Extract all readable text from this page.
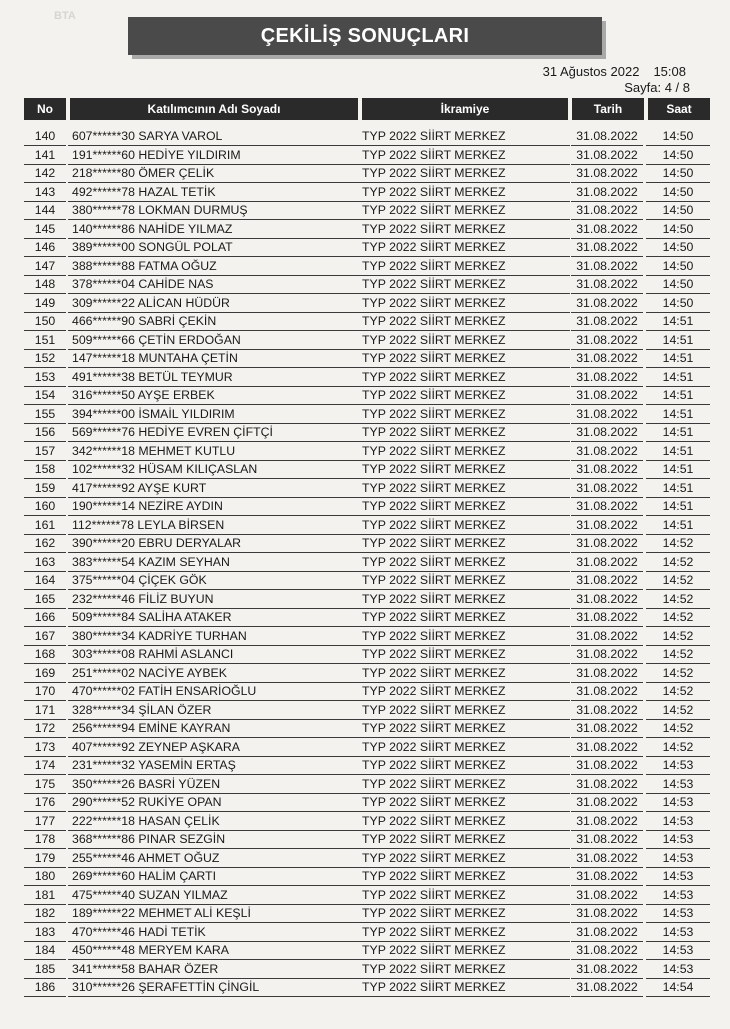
BTA
ÇEKİLİŞ SONUÇLARI
31 Ağustos 2022 15:08
Sayfa: 4 / 8
No	Katılımcının Adı Soyadı	İkramiye	Tarih	Saat
140	607******30 SARYA VAROL	TYP 2022 SİİRT MERKEZ	31.08.2022	14:50
141	191******60 HEDİYE YILDIRIM	TYP 2022 SİİRT MERKEZ	31.08.2022	14:50
142	218******80 ÖMER ÇELİK	TYP 2022 SİİRT MERKEZ	31.08.2022	14:50
143	492******78 HAZAL TETİK	TYP 2022 SİİRT MERKEZ	31.08.2022	14:50
144	380******78 LOKMAN DURMUŞ	TYP 2022 SİİRT MERKEZ	31.08.2022	14:50
145	140******86 NAHİDE YILMAZ	TYP 2022 SİİRT MERKEZ	31.08.2022	14:50
146	389******00 SONGÜL POLAT	TYP 2022 SİİRT MERKEZ	31.08.2022	14:50
147	388******88 FATMA OĞUZ	TYP 2022 SİİRT MERKEZ	31.08.2022	14:50
148	378******04 CAHİDE NAS	TYP 2022 SİİRT MERKEZ	31.08.2022	14:50
149	309******22 ALİCAN HÜDÜR	TYP 2022 SİİRT MERKEZ	31.08.2022	14:50
150	466******90 SABRİ ÇEKİN	TYP 2022 SİİRT MERKEZ	31.08.2022	14:51
151	509******66 ÇETİN ERDOĞAN	TYP 2022 SİİRT MERKEZ	31.08.2022	14:51
152	147******18 MUNTAHA ÇETİN	TYP 2022 SİİRT MERKEZ	31.08.2022	14:51
153	491******38 BETÜL TEYMUR	TYP 2022 SİİRT MERKEZ	31.08.2022	14:51
154	316******50 AYŞE ERBEK	TYP 2022 SİİRT MERKEZ	31.08.2022	14:51
155	394******00 İSMAİL YILDIRIM	TYP 2022 SİİRT MERKEZ	31.08.2022	14:51
156	569******76 HEDİYE EVREN ÇİFTÇİ	TYP 2022 SİİRT MERKEZ	31.08.2022	14:51
157	342******18 MEHMET KUTLU	TYP 2022 SİİRT MERKEZ	31.08.2022	14:51
158	102******32 HÜSAM KILIÇASLAN	TYP 2022 SİİRT MERKEZ	31.08.2022	14:51
159	417******92 AYŞE KURT	TYP 2022 SİİRT MERKEZ	31.08.2022	14:51
160	190******14 NEZİRE AYDIN	TYP 2022 SİİRT MERKEZ	31.08.2022	14:51
161	112******78 LEYLA BİRSEN	TYP 2022 SİİRT MERKEZ	31.08.2022	14:51
162	390******20 EBRU DERYALAR	TYP 2022 SİİRT MERKEZ	31.08.2022	14:52
163	383******54 KAZIM SEYHAN	TYP 2022 SİİRT MERKEZ	31.08.2022	14:52
164	375******04 ÇİÇEK GÖK	TYP 2022 SİİRT MERKEZ	31.08.2022	14:52
165	232******46 FİLİZ BUYUN	TYP 2022 SİİRT MERKEZ	31.08.2022	14:52
166	509******84 SALİHA ATAKER	TYP 2022 SİİRT MERKEZ	31.08.2022	14:52
167	380******34 KADRİYE TURHAN	TYP 2022 SİİRT MERKEZ	31.08.2022	14:52
168	303******08 RAHMİ ASLANCI	TYP 2022 SİİRT MERKEZ	31.08.2022	14:52
169	251******02 NACİYE AYBEK	TYP 2022 SİİRT MERKEZ	31.08.2022	14:52
170	470******02 FATİH ENSARİOĞLU	TYP 2022 SİİRT MERKEZ	31.08.2022	14:52
171	328******34 ŞİLAN ÖZER	TYP 2022 SİİRT MERKEZ	31.08.2022	14:52
172	256******94 EMİNE KAYRAN	TYP 2022 SİİRT MERKEZ	31.08.2022	14:52
173	407******92 ZEYNEP AŞKARA	TYP 2022 SİİRT MERKEZ	31.08.2022	14:52
174	231******32 YASEMİN ERTAŞ	TYP 2022 SİİRT MERKEZ	31.08.2022	14:53
175	350******26 BASRİ YÜZEN	TYP 2022 SİİRT MERKEZ	31.08.2022	14:53
176	290******52 RUKİYE OPAN	TYP 2022 SİİRT MERKEZ	31.08.2022	14:53
177	222******18 HASAN ÇELİK	TYP 2022 SİİRT MERKEZ	31.08.2022	14:53
178	368******86 PINAR SEZGİN	TYP 2022 SİİRT MERKEZ	31.08.2022	14:53
179	255******46 AHMET OĞUZ	TYP 2022 SİİRT MERKEZ	31.08.2022	14:53
180	269******60 HALİM ÇARTI	TYP 2022 SİİRT MERKEZ	31.08.2022	14:53
181	475******40 SUZAN YILMAZ	TYP 2022 SİİRT MERKEZ	31.08.2022	14:53
182	189******22 MEHMET ALİ KEŞLİ	TYP 2022 SİİRT MERKEZ	31.08.2022	14:53
183	470******46 HADİ TETİK	TYP 2022 SİİRT MERKEZ	31.08.2022	14:53
184	450******48 MERYEM KARA	TYP 2022 SİİRT MERKEZ	31.08.2022	14:53
185	341******58 BAHAR ÖZER	TYP 2022 SİİRT MERKEZ	31.08.2022	14:53
186	310******26 ŞERAFETTİN ÇİNGİL	TYP 2022 SİİRT MERKEZ	31.08.2022	14:54
